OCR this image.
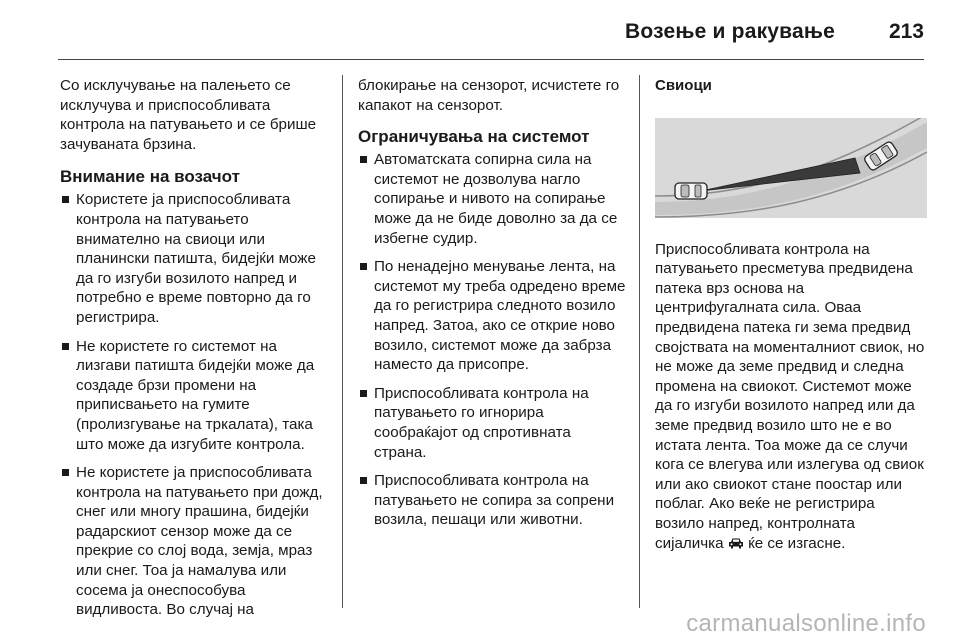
Возење и ракување	213

Со исклучување на палењето се исклучува и приспособливата контрола на патувањето и се брише зачуваната брзина.

Внимание на возачот
Користете ја приспособливата контрола на патувањето внимателно на свиоци или планински патишта, бидејќи може да го изгуби возилото напред и потребно е време повторно да го регистрира.
Не користете го системот на лизгави патишта бидејќи може да создаде брзи промени на приписвањето на гумите (пролизгување на тркалата), така што може да изгубите контрола.
Не користете ја приспособливата контрола на патувањето при дожд, снег или многу прашина, бидејќи радарскиот сензор може да се прекрие со слој вода, земја, мраз или снег. Тоа ја намалува или сосема ја онеспособува видливоста. Во случај на

блокирање на сензорот, исчистете го капакот на сензорот.

Ограничувања на системот
Автоматската сопирна сила на системот не дозволува нагло сопирање и нивото на сопирање може да не биде доволно за да се избегне судир.
По ненадејно менување лента, на системот му треба одредено време да го регистрира следното возило напред. Затоа, ако се открие ново возило, системот може да забрза наместо да присопре.
Приспособливата контрола на патувањето го игнорира сообраќајот од спротивната страна.
Приспособливата контрола на патувањето не сопира за сопрени возила, пешаци или животни.
Свиоци

Приспособливата контрола на патувањето пресметува предвидена патека врз основа на центрифугалната сила. Оваа предвидена патека ги зема предвид својствата на моменталниот свиок, но не може да земе предвид и следна промена на свиокот. Системот може да го изгуби возилото напред или да земе предвид возило што не е во истата лента. Тоа може да се случи кога се влегува или излегува од свиок или ако свиокот стане поостар или поблаг. Ако веќе не регистрира возило напред, контролната сијаличка ќе се изгасне.

carmanualsonline.info
